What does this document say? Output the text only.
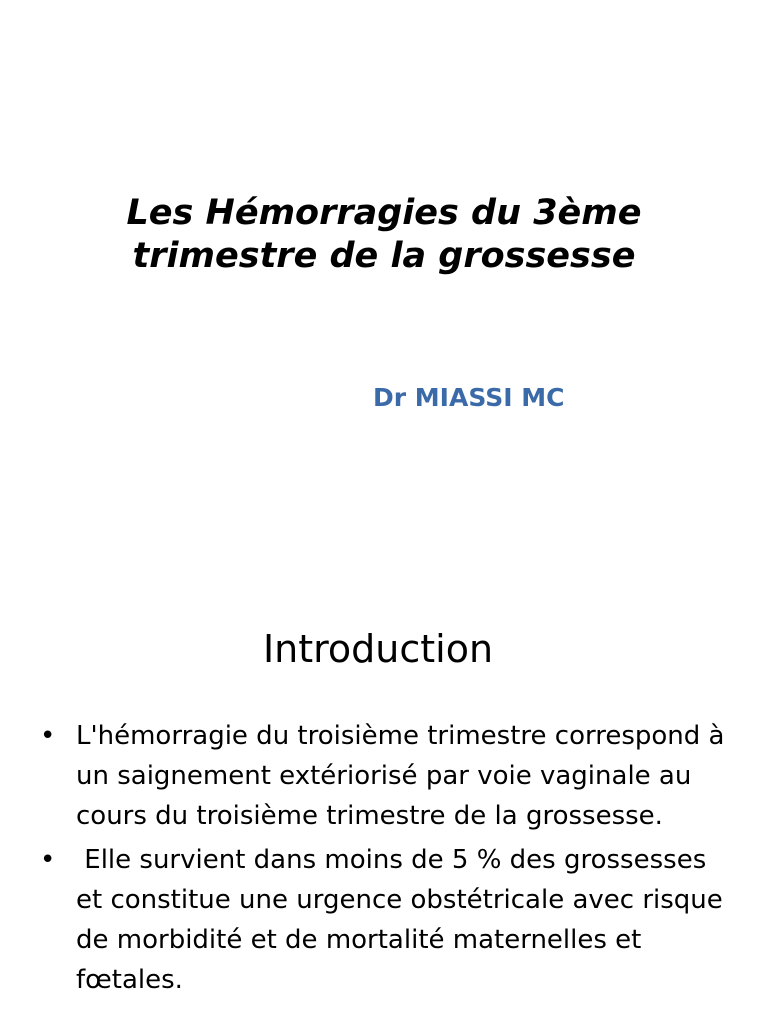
Les Hémorragies du 3ème trimestre de la grossesse

Dr MIASSI MC

Introduction
• L'hémorragie du troisième trimestre correspond à un saignement extériorisé par voie vaginale au cours du troisième trimestre de la grossesse.
• Elle survient dans moins de 5 % des grossesses et constitue une urgence obstétricale avec risque de morbidité et de mortalité maternelles et fœtales.
